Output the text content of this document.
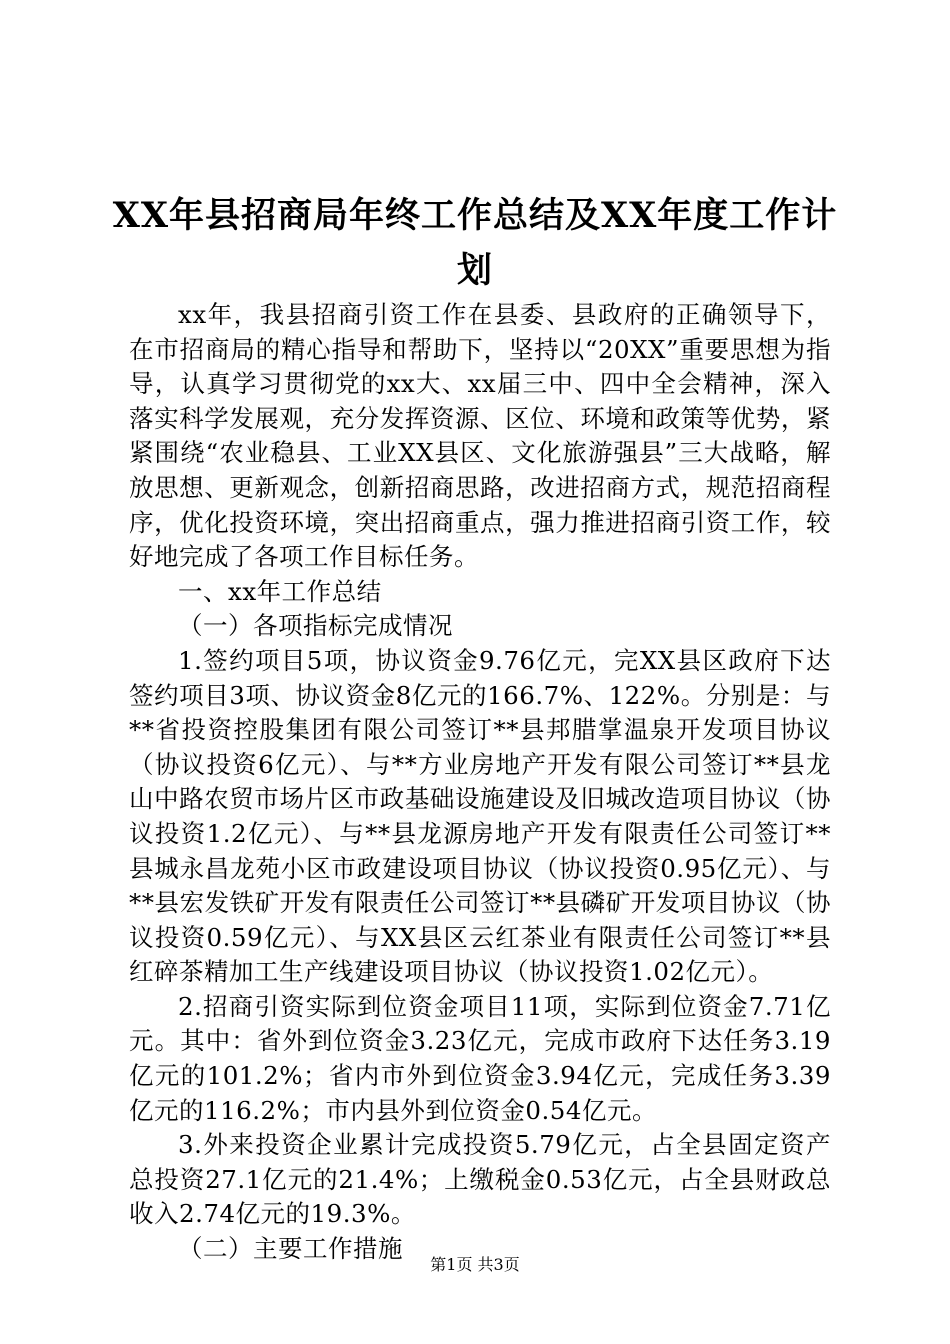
XX年县招商局年终工作总结及XX年度工作计划

xx年，我县招商引资工作在县委、县政府的正确领导下，在市招商局的精心指导和帮助下，坚持以“20XX”重要思想为指导，认真学习贯彻党的xx大、xx届三中、四中全会精神，深入落实科学发展观，充分发挥资源、区位、环境和政策等优势，紧紧围绕“农业稳县、工业XX县区、文化旅游强县”三大战略，解放思想、更新观念，创新招商思路，改进招商方式，规范招商程序，优化投资环境，突出招商重点，强力推进招商引资工作，较好地完成了各项工作目标任务。

一、xx年工作总结

（一）各项指标完成情况

1.签约项目5项，协议资金9.76亿元，完XX县区政府下达签约项目3项、协议资金8亿元的166.7%、122%。分别是：与**省投资控股集团有限公司签订**县邦腊掌温泉开发项目协议（协议投资6亿元）、与**方业房地产开发有限公司签订**县龙山中路农贸市场片区市政基础设施建设及旧城改造项目协议（协议投资1.2亿元）、与**县龙源房地产开发有限责任公司签订**县城永昌龙苑小区市政建设项目协议（协议投资0.95亿元）、与**县宏发铁矿开发有限责任公司签订**县磷矿开发项目协议（协议投资0.59亿元）、与XX县区云红茶业有限责任公司签订**县红碎茶精加工生产线建设项目协议（协议投资1.02亿元）。

2.招商引资实际到位资金项目11项，实际到位资金7.71亿元。其中：省外到位资金3.23亿元，完成市政府下达任务3.19亿元的101.2%；省内市外到位资金3.94亿元，完成任务3.39亿元的116.2%；市内县外到位资金0.54亿元。

3.外来投资企业累计完成投资5.79亿元，占全县固定资产总投资27.1亿元的21.4%；上缴税金0.53亿元，占全县财政总收入2.74亿元的19.3%。

（二）主要工作措施

第1页 共3页
